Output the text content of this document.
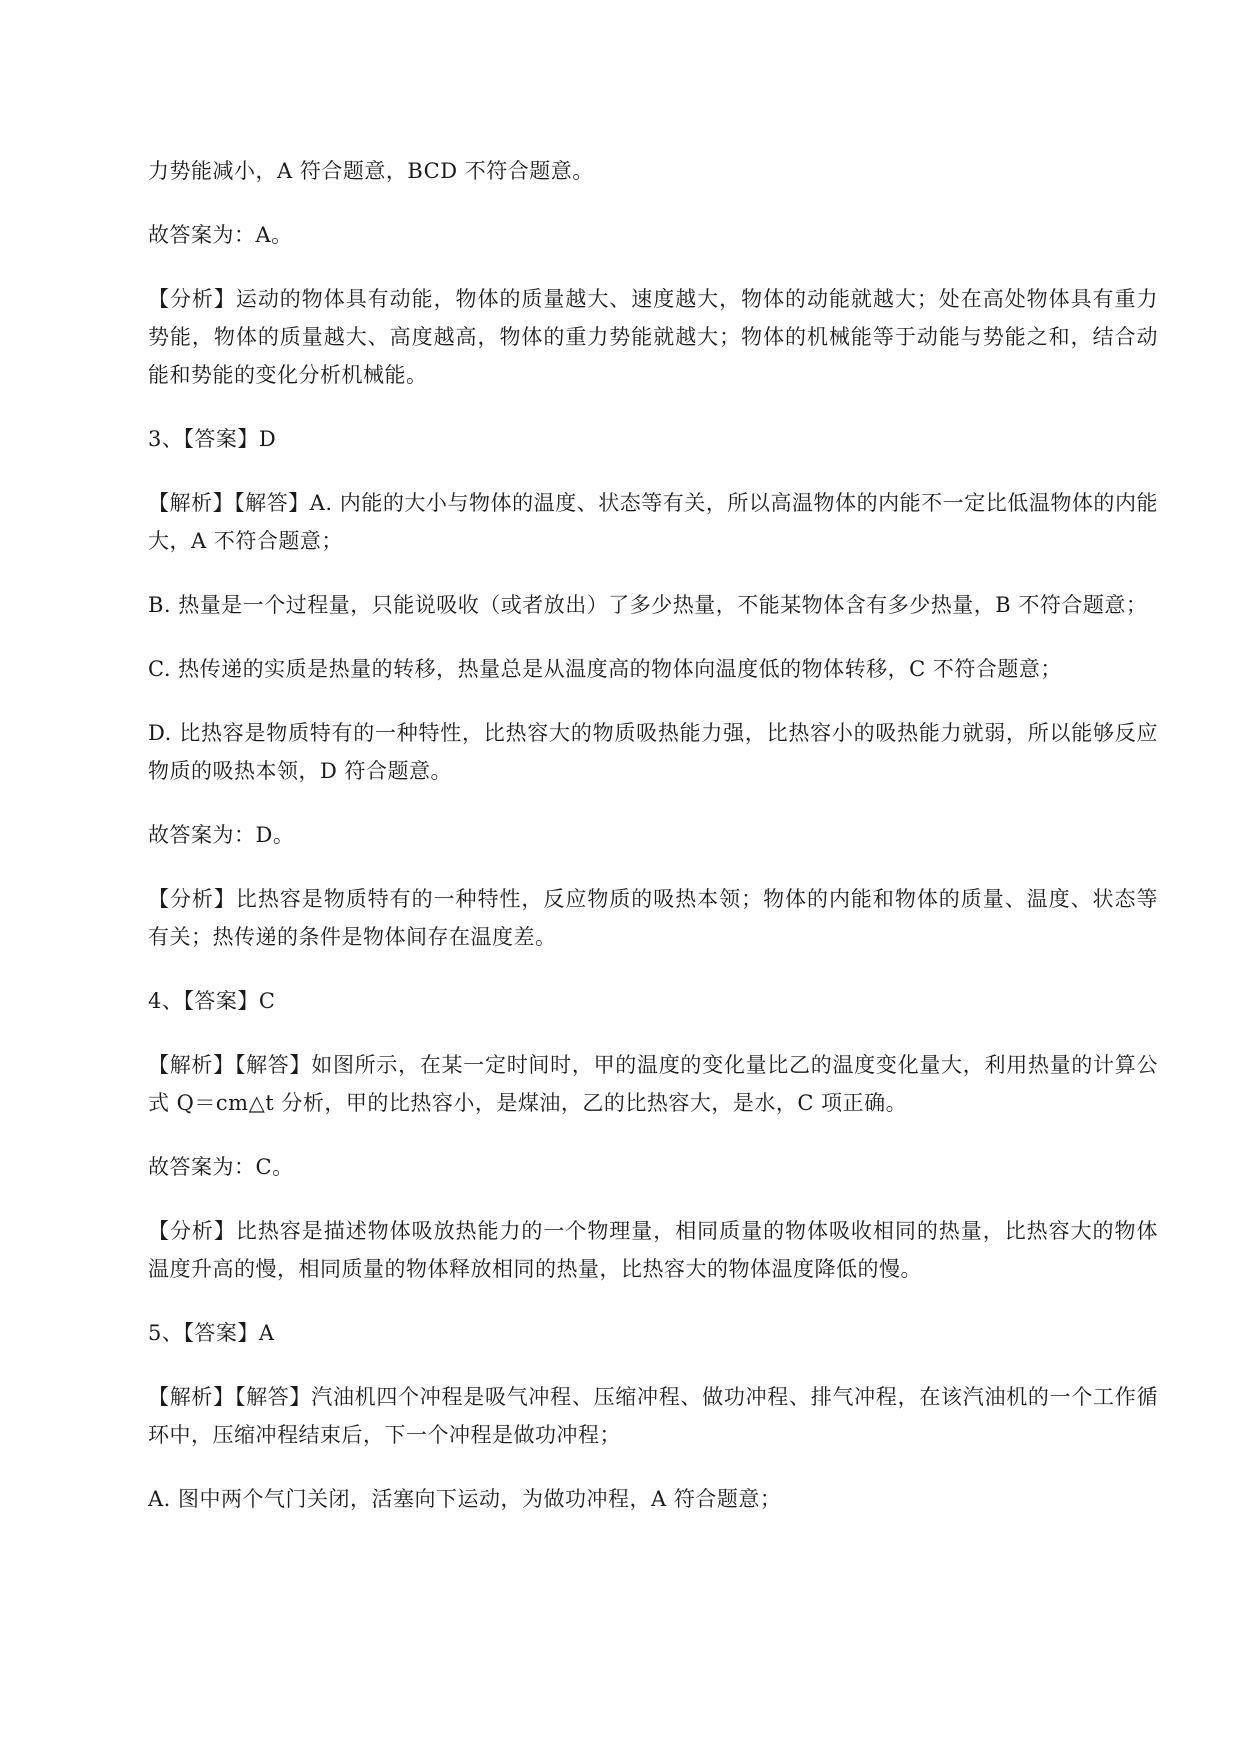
力势能减小，A 符合题意，BCD 不符合题意。

故答案为：A。

【分析】运动的物体具有动能，物体的质量越大、速度越大，物体的动能就越大；处在高处物体具有重力势能，物体的质量越大、高度越高，物体的重力势能就越大；物体的机械能等于动能与势能之和，结合动能和势能的变化分析机械能。

3、【答案】D

【解析】【解答】A. 内能的大小与物体的温度、状态等有关，所以高温物体的内能不一定比低温物体的内能大，A 不符合题意；

B. 热量是一个过程量，只能说吸收（或者放出）了多少热量，不能某物体含有多少热量，B 不符合题意；

C. 热传递的实质是热量的转移，热量总是从温度高的物体向温度低的物体转移，C 不符合题意；

D. 比热容是物质特有的一种特性，比热容大的物质吸热能力强，比热容小的吸热能力就弱，所以能够反应物质的吸热本领，D 符合题意。

故答案为：D。

【分析】比热容是物质特有的一种特性，反应物质的吸热本领；物体的内能和物体的质量、温度、状态等有关；热传递的条件是物体间存在温度差。

4、【答案】C

【解析】【解答】如图所示，在某一定时间时，甲的温度的变化量比乙的温度变化量大，利用热量的计算公式 Q＝cm△t 分析，甲的比热容小，是煤油，乙的比热容大，是水，C 项正确。

故答案为：C。

【分析】比热容是描述物体吸放热能力的一个物理量，相同质量的物体吸收相同的热量，比热容大的物体温度升高的慢，相同质量的物体释放相同的热量，比热容大的物体温度降低的慢。

5、【答案】A

【解析】【解答】汽油机四个冲程是吸气冲程、压缩冲程、做功冲程、排气冲程，在该汽油机的一个工作循环中，压缩冲程结束后，下一个冲程是做功冲程；

A. 图中两个气门关闭，活塞向下运动，为做功冲程，A 符合题意；
